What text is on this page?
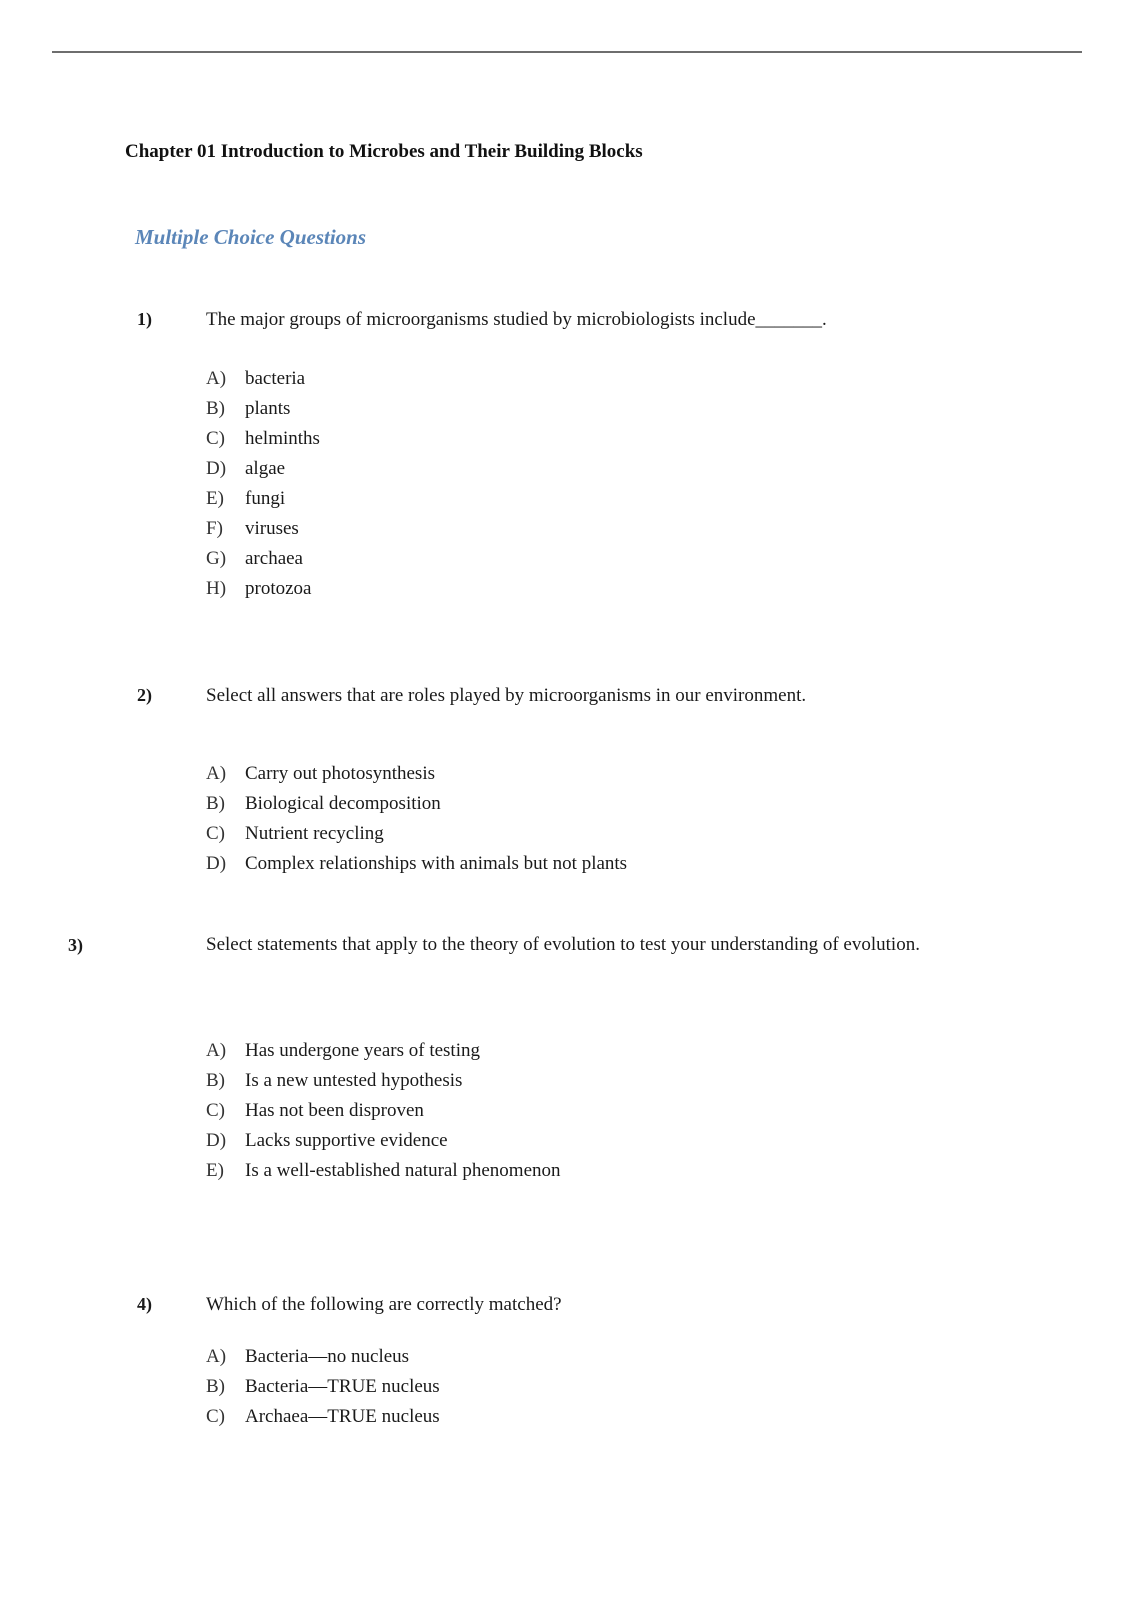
Chapter 01 Introduction to Microbes and Their Building Blocks
Multiple Choice Questions
1)	The major groups of microorganisms studied by microbiologists include_______.
A) bacteria
B)	plants
C)	helminths
D) algae
E)	fungi
F)	viruses
G) archaea
H) protozoa
2)	Select all answers that are roles played by microorganisms in our environment.
A) Carry out photosynthesis
B)	Biological decomposition
C)	Nutrient recycling
D) Complex relationships with animals but not plants
3)	Select statements that apply to the theory of evolution to test your understanding of evolution.
A) Has undergone years of testing
B)	Is a new untested hypothesis
C)	Has not been disproven
D) Lacks supportive evidence
E)	Is a well-established natural phenomenon
4)	Which of the following are correctly matched?
A) Bacteria—no nucleus
B)	Bacteria—TRUE nucleus
C)	Archaea—TRUE nucleus
